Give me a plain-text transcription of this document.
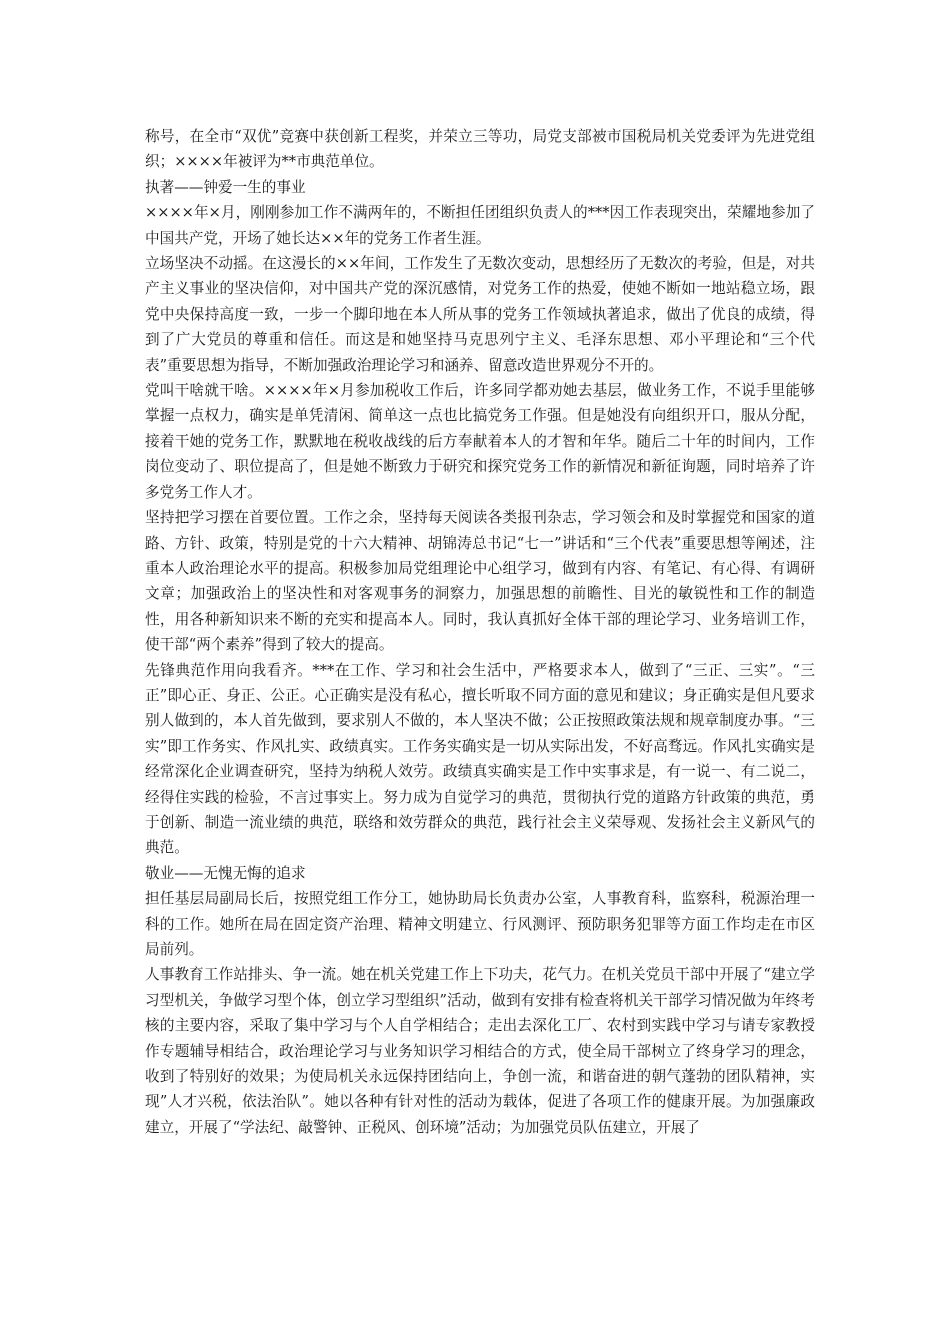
称号，在全市“双优”竞赛中获创新工程奖，并荣立三等功，局党支部被市国税局机关党委评为先进党组织；××××年被评为**市典范单位。

执著——钟爱一生的事业

××××年×月，刚刚参加工作不满两年的，不断担任团组织负责人的***因工作表现突出，荣耀地参加了中国共产党，开场了她长达××年的党务工作者生涯。

立场坚决不动摇。在这漫长的××年间，工作发生了无数次变动，思想经历了无数次的考验，但是，对共产主义事业的坚决信仰，对中国共产党的深沉感情，对党务工作的热爱，使她不断如一地站稳立场，跟党中央保持高度一致，一步一个脚印地在本人所从事的党务工作领域执著追求，做出了优良的成绩，得到了广大党员的尊重和信任。而这是和她坚持马克思列宁主义、毛泽东思想、邓小平理论和“三个代表”重要思想为指导，不断加强政治理论学习和涵养、留意改造世界观分不开的。

党叫干啥就干啥。××××年×月参加税收工作后，许多同学都劝她去基层，做业务工作，不说手里能够掌握一点权力，确实是单凭清闲、简单这一点也比搞党务工作强。但是她没有向组织开口，服从分配，接着干她的党务工作，默默地在税收战线的后方奉献着本人的才智和年华。随后二十年的时间内，工作岗位变动了、职位提高了，但是她不断致力于研究和探究党务工作的新情况和新征询题，同时培养了许多党务工作人才。

坚持把学习摆在首要位置。工作之余，坚持每天阅读各类报刊杂志，学习领会和及时掌握党和国家的道路、方针、政策，特别是党的十六大精神、胡锦涛总书记“七一”讲话和“三个代表”重要思想等阐述，注重本人政治理论水平的提高。积极参加局党组理论中心组学习，做到有内容、有笔记、有心得、有调研文章；加强政治上的坚决性和对客观事务的洞察力，加强思想的前瞻性、目光的敏锐性和工作的制造性，用各种新知识来不断的充实和提高本人。同时，我认真抓好全体干部的理论学习、业务培训工作，使干部“两个素养”得到了较大的提高。

先锋典范作用向我看齐。***在工作、学习和社会生活中，严格要求本人，做到了“三正、三实”。“三正”即心正、身正、公正。心正确实是没有私心，擅长听取不同方面的意见和建议；身正确实是但凡要求别人做到的，本人首先做到，要求别人不做的，本人坚决不做；公正按照政策法规和规章制度办事。“三实”即工作务实、作风扎实、政绩真实。工作务实确实是一切从实际出发，不好高骛远。作风扎实确实是经常深化企业调查研究，坚持为纳税人效劳。政绩真实确实是工作中实事求是，有一说一、有二说二，经得住实践的检验，不言过事实上。努力成为自觉学习的典范，贯彻执行党的道路方针政策的典范，勇于创新、制造一流业绩的典范，联络和效劳群众的典范，践行社会主义荣辱观、发扬社会主义新风气的典范。

敬业——无愧无悔的追求

担任基层局副局长后，按照党组工作分工，她协助局长负责办公室，人事教育科，监察科，税源治理一科的工作。她所在局在固定资产治理、精神文明建立、行风测评、预防职务犯罪等方面工作均走在市区局前列。

人事教育工作站排头、争一流。她在机关党建工作上下功夫，花气力。在机关党员干部中开展了“建立学习型机关，争做学习型个体，创立学习型组织”活动，做到有安排有检查将机关干部学习情况做为年终考核的主要内容，采取了集中学习与个人自学相结合；走出去深化工厂、农村到实践中学习与请专家教授作专题辅导相结合，政治理论学习与业务知识学习相结合的方式，使全局干部树立了终身学习的理念，收到了特别好的效果；为使局机关永远保持团结向上，争创一流，和谐奋进的朝气蓬勃的团队精神，实现”人才兴税，依法治队”。她以各种有针对性的活动为载体，促进了各项工作的健康开展。为加强廉政建立，开展了“学法纪、敲警钟、正税风、创环境”活动；为加强党员队伍建立，开展了
